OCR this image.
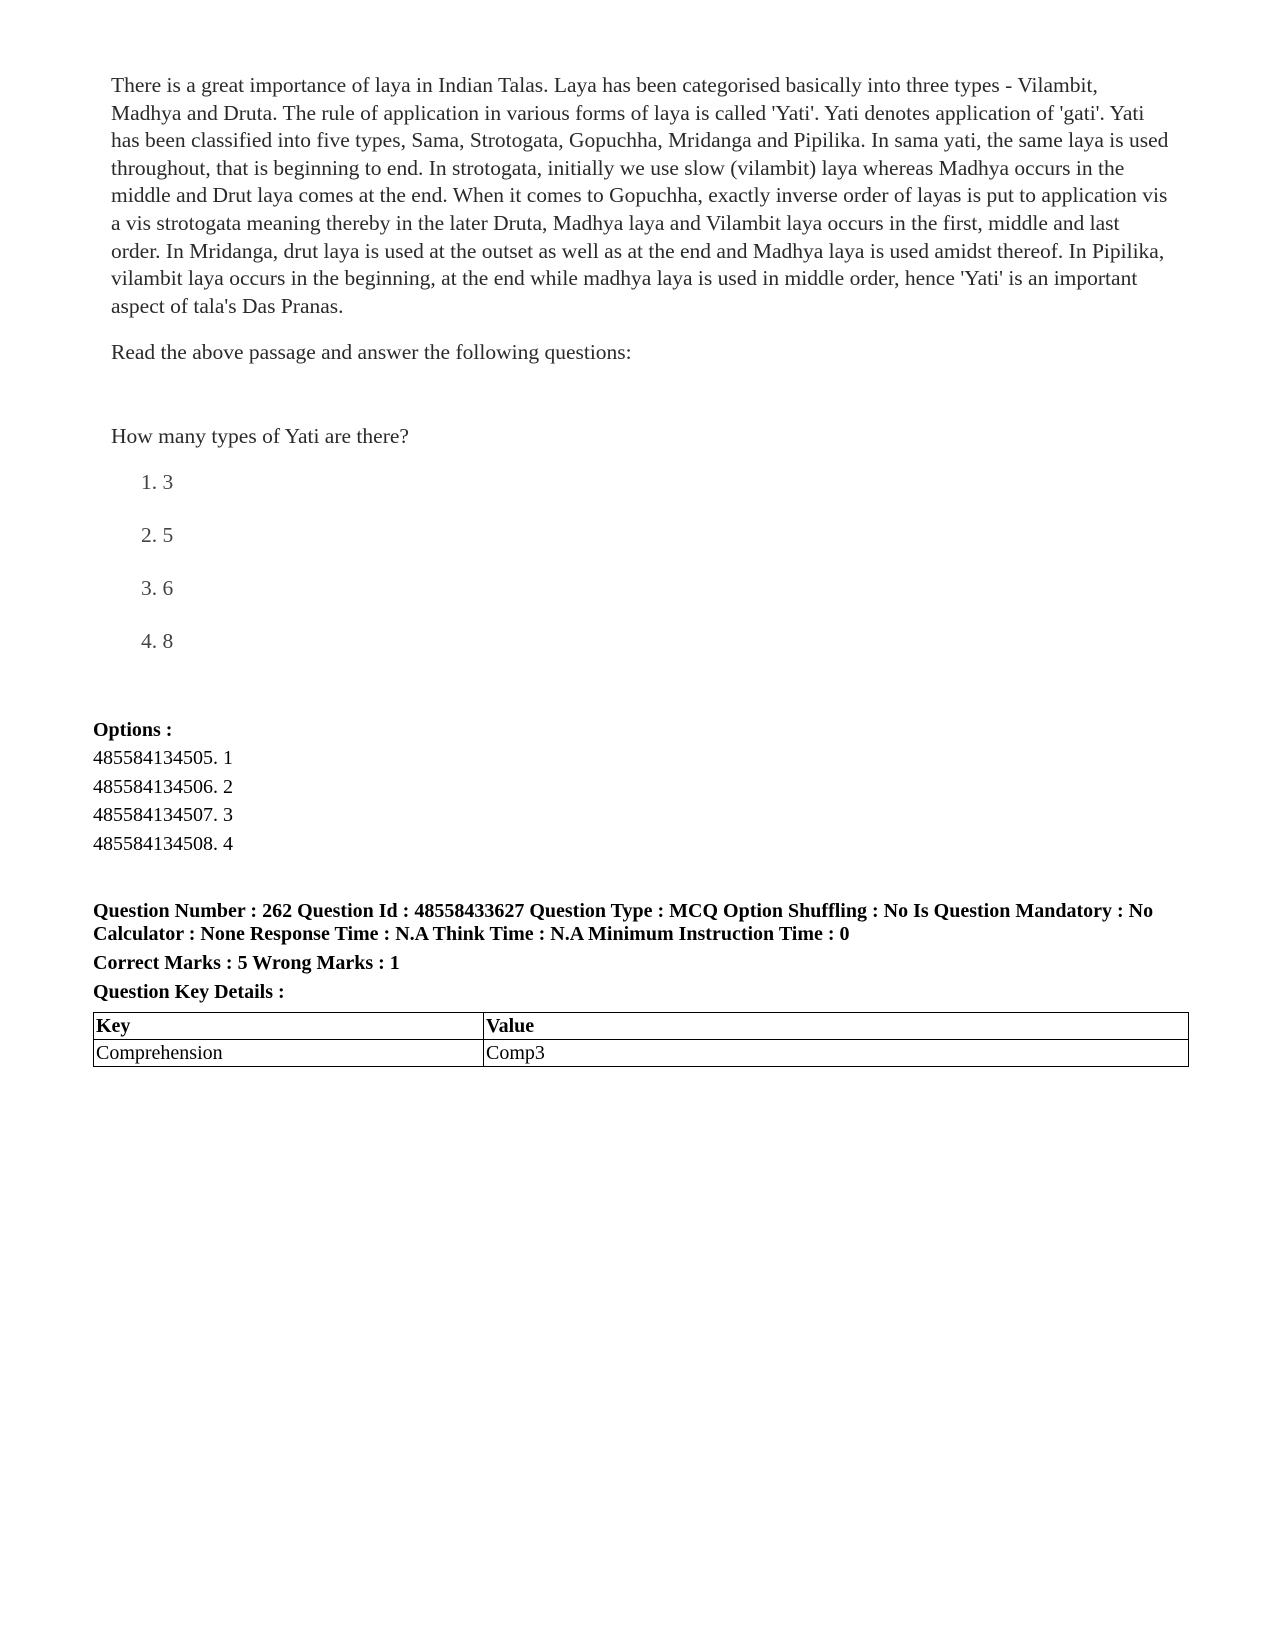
There is a great importance of laya in Indian Talas. Laya has been categorised basically into three types - Vilambit, Madhya and Druta. The rule of application in various forms of laya is called 'Yati'. Yati denotes application of 'gati'. Yati has been classified into five types, Sama, Strotogata, Gopuchha, Mridanga and Pipilika. In sama yati, the same laya is used throughout, that is beginning to end. In strotogata, initially we use slow (vilambit) laya whereas Madhya occurs in the middle and Drut laya comes at the end. When it comes to Gopuchha, exactly inverse order of layas is put to application vis a vis strotogata meaning thereby in the later Druta, Madhya laya and Vilambit laya occurs in the first, middle and last order. In Mridanga, drut laya is used at the outset as well as at the end and Madhya laya is used amidst thereof. In Pipilika, vilambit laya occurs in the beginning, at the end while madhya laya is used in middle order, hence 'Yati' is an important aspect of tala's Das Pranas.

Read the above passage and answer the following questions:

How many types of Yati are there?

1. 3
2. 5
3. 6
4. 8
Options :
485584134505. 1
485584134506. 2
485584134507. 3
485584134508. 4
Question Number : 262 Question Id : 48558433627 Question Type : MCQ Option Shuffling : No Is Question Mandatory : No Calculator : None Response Time : N.A Think Time : N.A Minimum Instruction Time : 0
Correct Marks : 5 Wrong Marks : 1
Question Key Details :
Key	Value
Comprehension	Comp3
